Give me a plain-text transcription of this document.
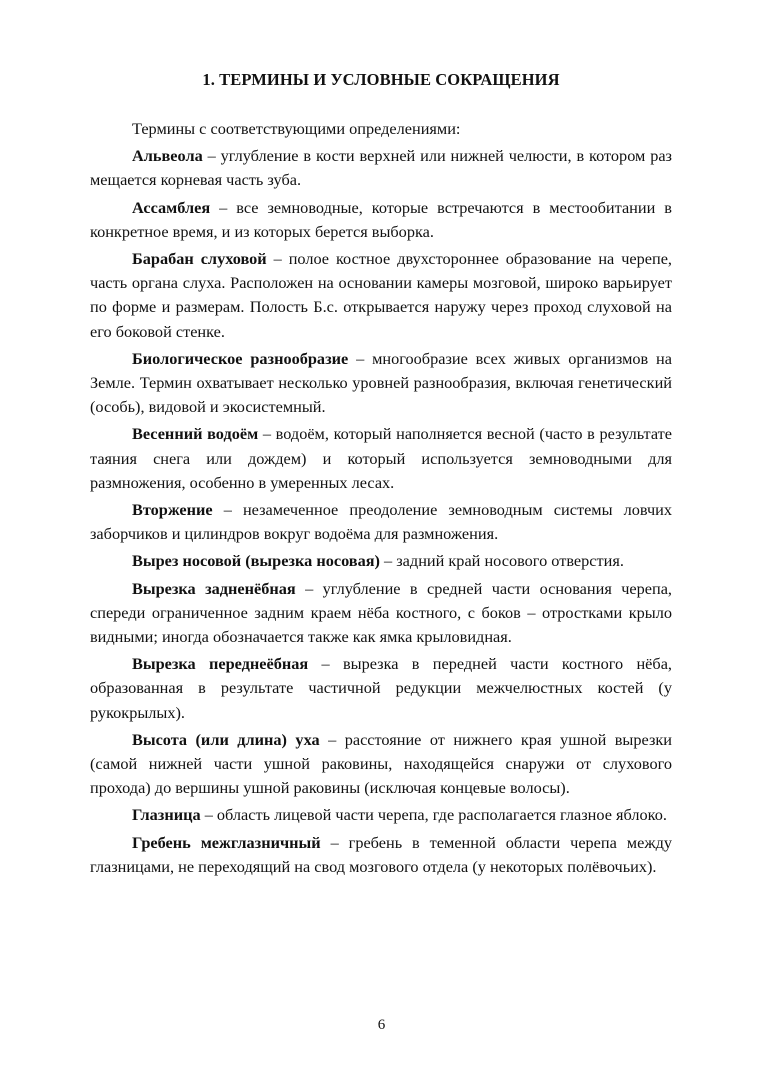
1. ТЕРМИНЫ И УСЛОВНЫЕ СОКРАЩЕНИЯ

Термины с соответствующими определениями:

Альвеола – углубление в кости верхней или нижней челюсти, в котором раз мещается корневая часть зуба.

Ассамблея – все земноводные, которые встречаются в местообитании в конкретное время, и из которых берется выборка.

Барабан слуховой – полое костное двухстороннее образование на черепе, часть органа слуха. Расположен на основании камеры мозговой, широко варьирует по форме и размерам. Полость Б.с. открывается наружу через проход слуховой на его боковой стенке.

Биологическое разнообразие – многообразие всех живых организмов на Земле. Термин охватывает несколько уровней разнообразия, включая генетический (особь), видовой и экосистемный.

Весенний водоём – водоём, который наполняется весной (часто в результате таяния снега или дождем) и который используется земноводными для размножения, особенно в умеренных лесах.

Вторжение – незамеченное преодоление земноводным системы ловчих заборчиков и цилиндров вокруг водоёма для размножения.

Вырез носовой (вырезка носовая) – задний край носового отверстия.

Вырезка задненёбная – углубление в средней части основания черепа, спереди ограниченное задним краем нёба костного, с боков – отростками крыло видными; иногда обозначается также как ямка крыловидная.

Вырезка переднеёбная – вырезка в передней части костного нёба, образованная в результате частичной редукции межчелюстных костей (у рукокрылых).

Высота (или длина) уха – расстояние от нижнего края ушной вырезки (самой нижней части ушной раковины, находящейся снаружи от слухового прохода) до вершины ушной раковины (исключая концевые волосы).

Глазница – область лицевой части черепа, где располагается глазное яблоко.

Гребень межглазничный – гребень в теменной области черепа между глазницами, не переходящий на свод мозгового отдела (у некоторых полёвочьих).

6
